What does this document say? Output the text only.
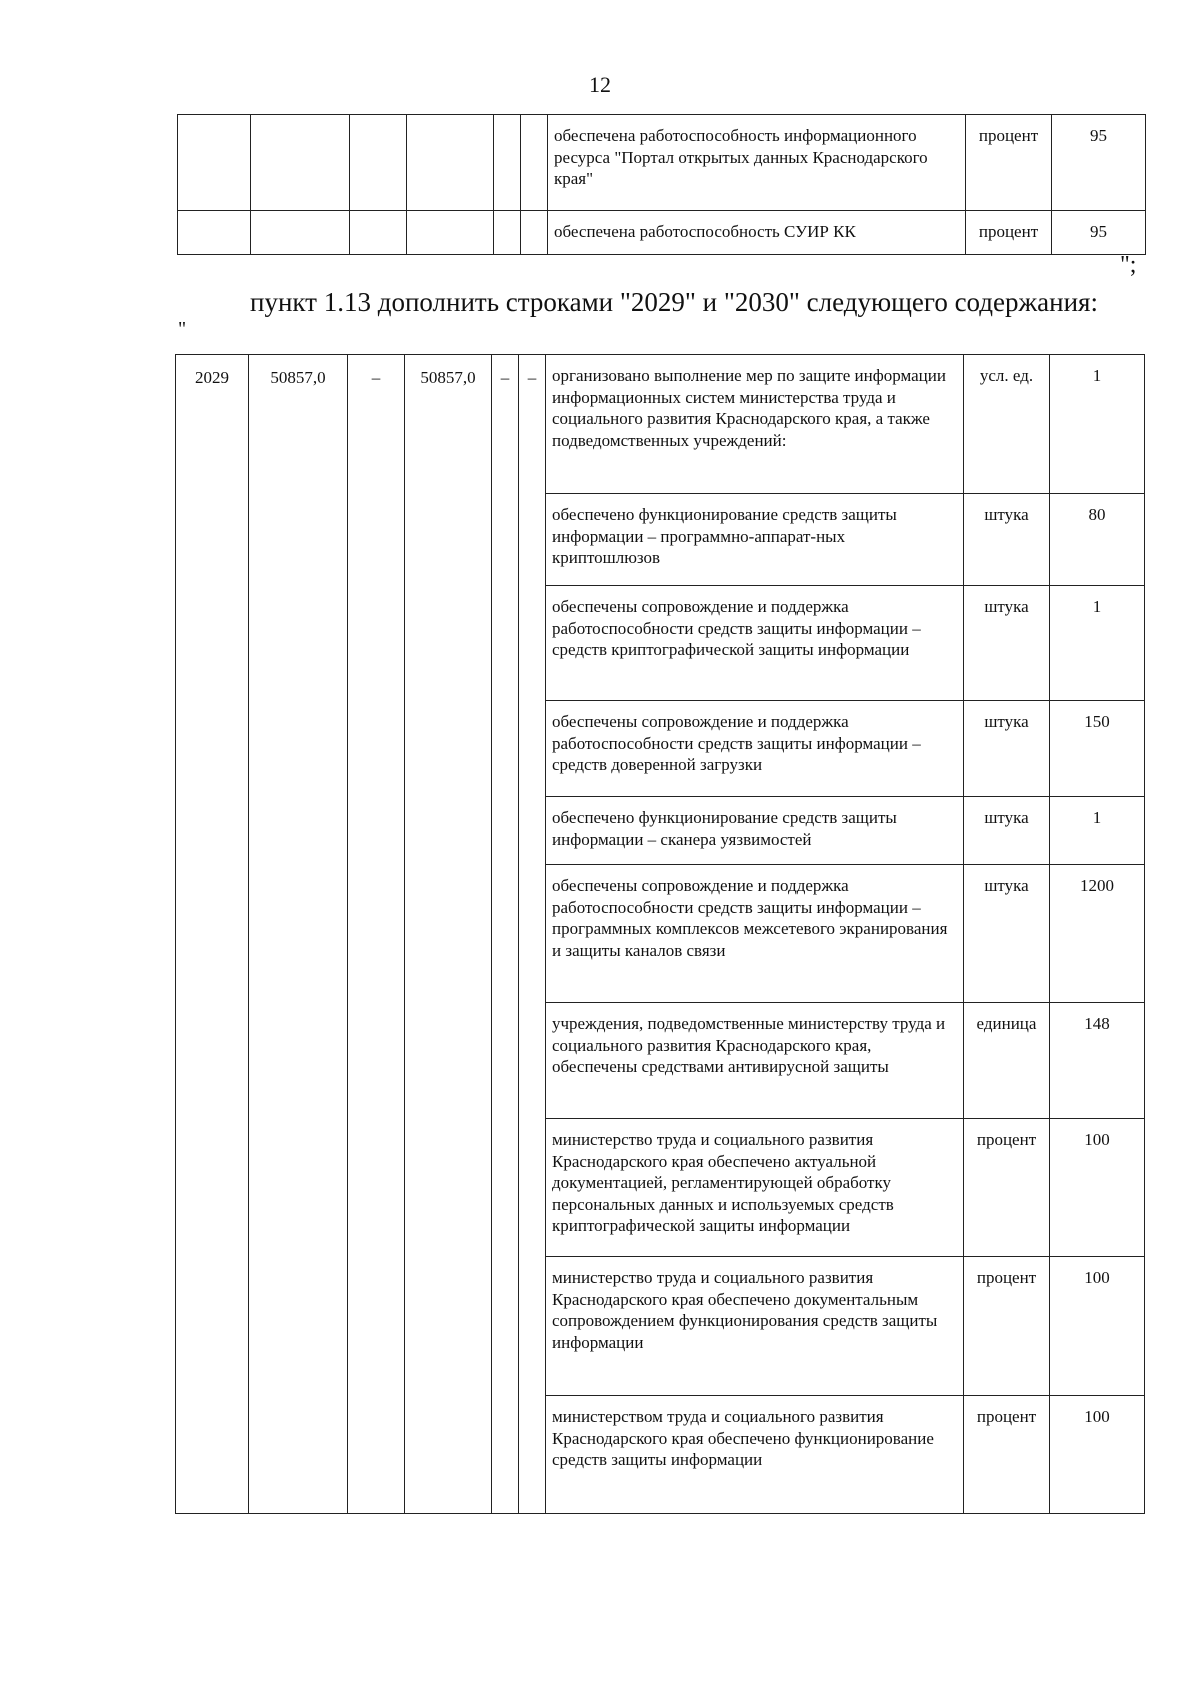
12
						обеспечена работоспособность информационного ресурса "Портал открытых данных Краснодарского края"	процент	95
						обеспечена работоспособность СУИР КК	процент	95
";
пункт 1.13 дополнить строками "2029" и "2030" следующего содержания:
"
2029	50857,0	–	50857,0	–	–	организовано выполнение мер по защите информации информационных систем министерства труда и социального развития Краснодарского края, а также подведомственных учреждений:	усл. ед.	1
						обеспечено функционирование средств защиты информации – программно-аппарат-ных криптошлюзов	штука	80
						обеспечены сопровождение и поддержка работоспособности средств защиты информации – средств криптографической защиты информации	штука	1
						обеспечены сопровождение и поддержка работоспособности средств защиты информации – средств доверенной загрузки	штука	150
						обеспечено функционирование средств защиты информации – сканера уязвимостей	штука	1
						обеспечены сопровождение и поддержка работоспособности средств защиты информации – программных комплексов межсетевого экранирования и защиты каналов связи	штука	1200
						учреждения, подведомственные министерству труда и социального развития Краснодарского края, обеспечены средствами антивирусной защиты	единица	148
						министерство труда и социального развития Краснодарского края обеспечено актуальной документацией, регламентирующей обработку персональных данных и используемых средств криптографической защиты информации	процент	100
						министерство труда и социального развития Краснодарского края обеспечено документальным сопровождением функционирования средств защиты информации	процент	100
						министерством труда и социального развития Краснодарского края обеспечено функционирование средств защиты информации	процент	100
